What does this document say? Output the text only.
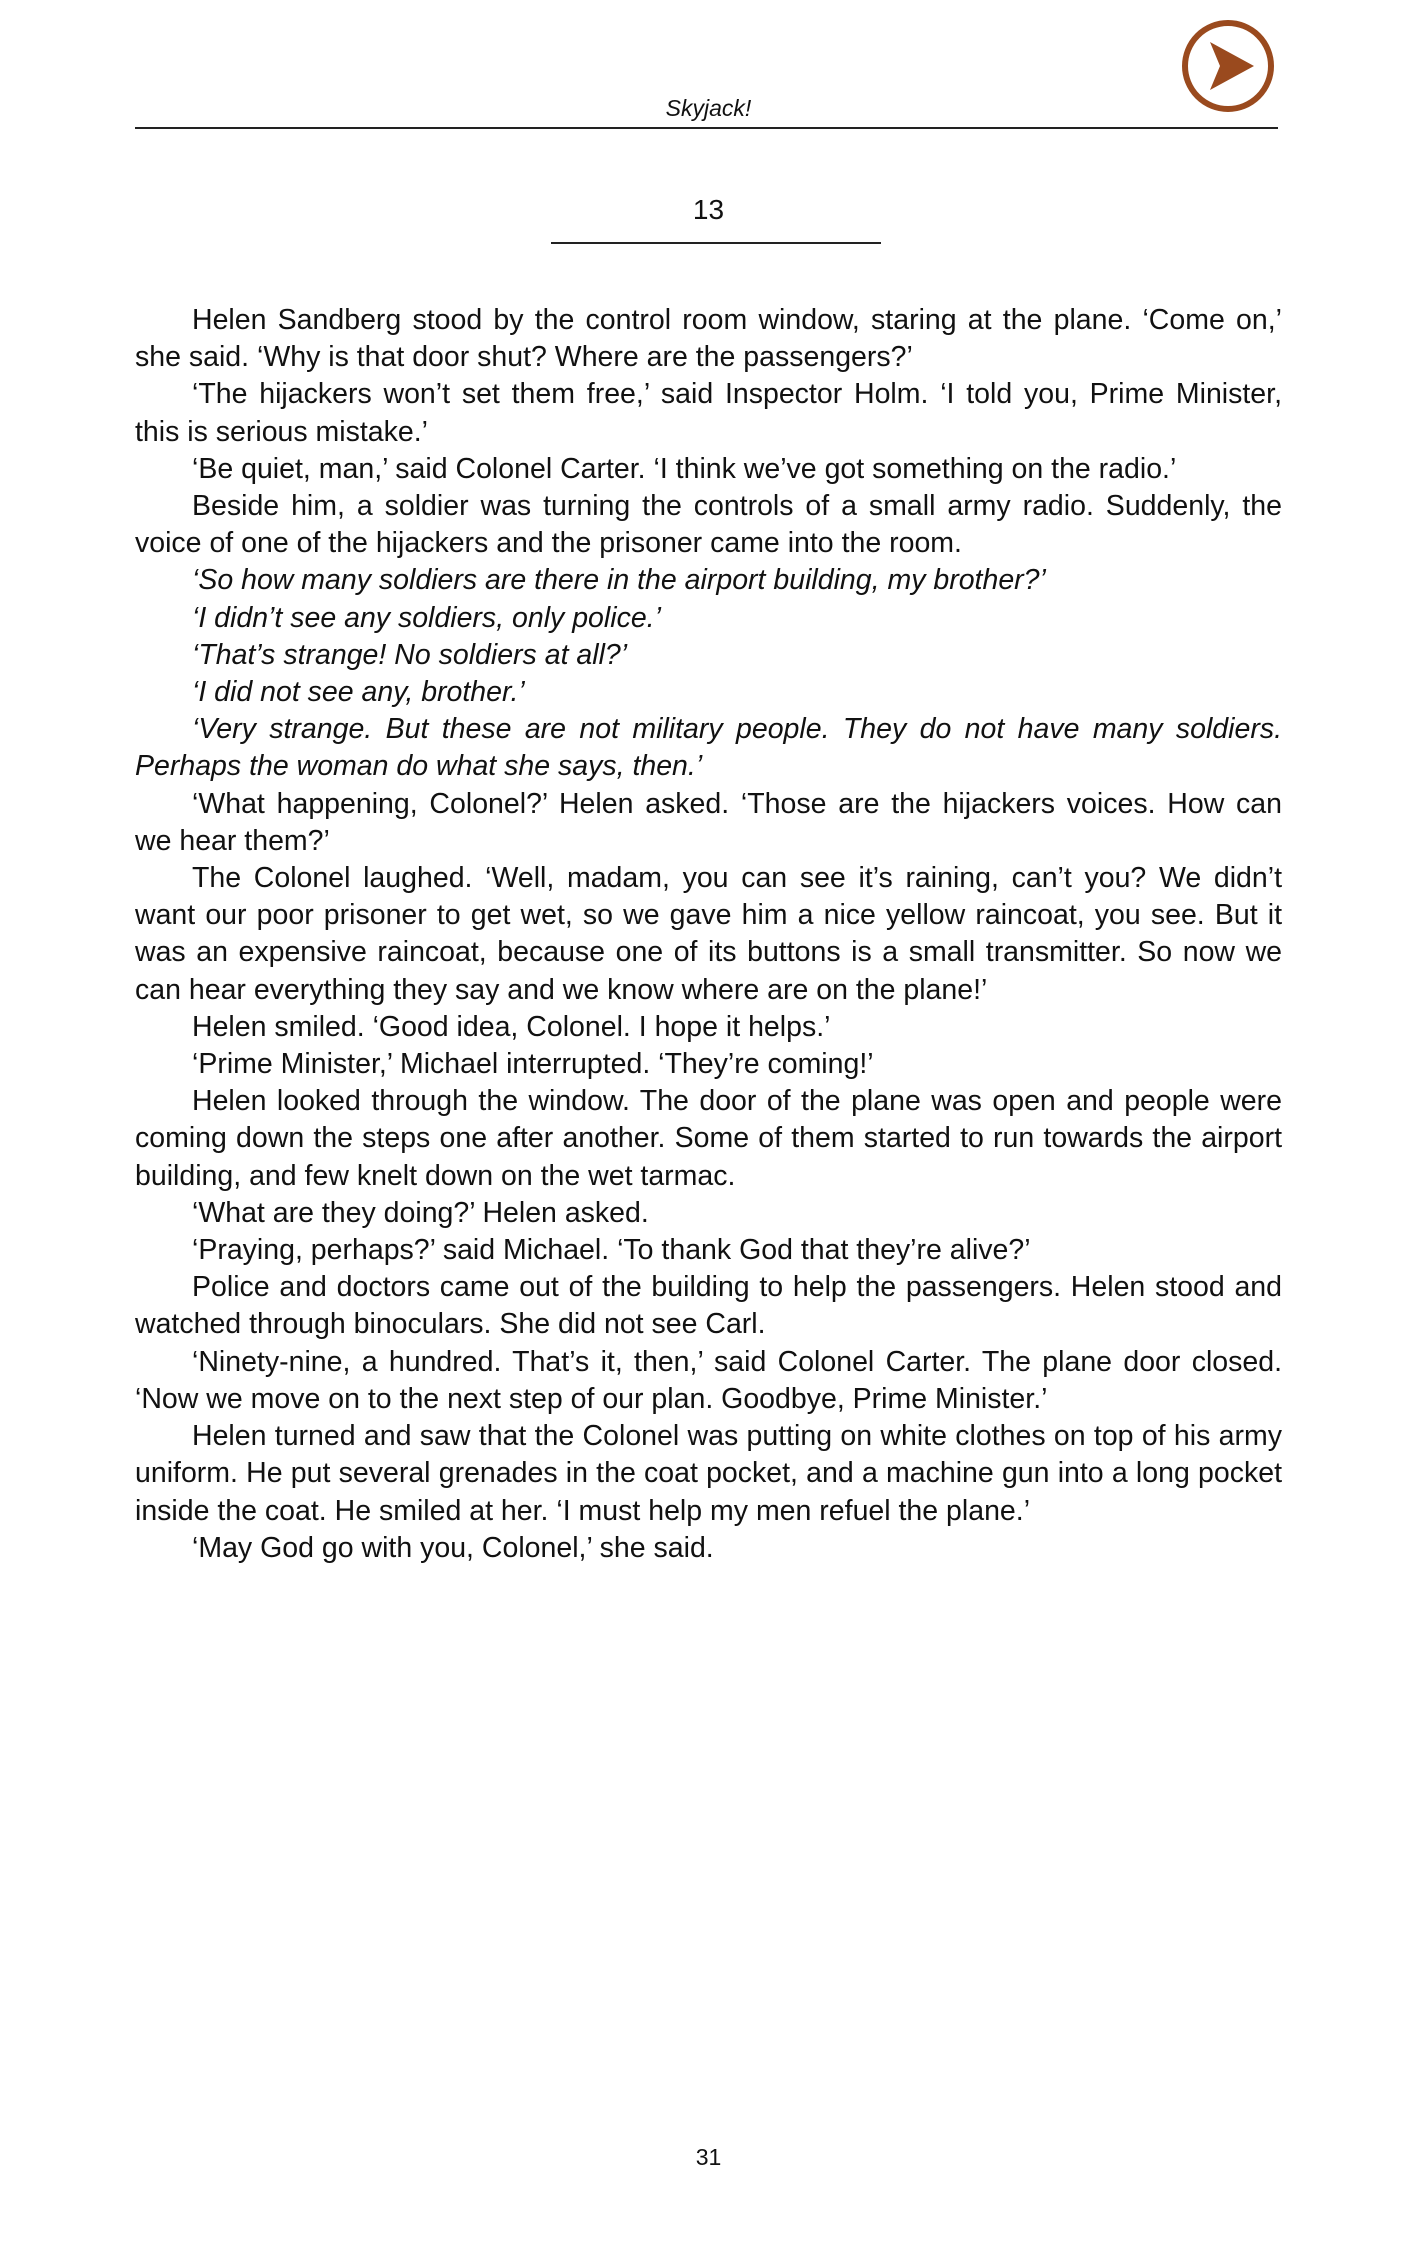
Skyjack!
13

Helen Sandberg stood by the control room window, staring at the plane. ‘Come on,’ she said. ‘Why is that door shut? Where are the passengers?’

‘The hijackers won’t set them free,’ said Inspector Holm. ‘I told you, Prime Minister, this is serious mistake.’

‘Be quiet, man,’ said Colonel Carter. ‘I think we’ve got something on the radio.’

Beside him, a soldier was turning the controls of a small army radio. Suddenly, the voice of one of the hijackers and the prisoner came into the room.

‘So how many soldiers are there in the airport building, my brother?’

‘I didn’t see any soldiers, only police.’

‘That’s strange! No soldiers at all?’

‘I did not see any, brother.’

‘Very strange. But these are not military people. They do not have many soldiers. Perhaps the woman do what she says, then.’

‘What happening, Colonel?’ Helen asked. ‘Those are the hijackers voices. How can we hear them?’

The Colonel laughed. ‘Well, madam, you can see it’s raining, can’t you? We didn’t want our poor prisoner to get wet, so we gave him a nice yellow raincoat, you see. But it was an expensive raincoat, because one of its buttons is a small transmitter. So now we can hear everything they say and we know where are on the plane!’

Helen smiled. ‘Good idea, Colonel. I hope it helps.’

‘Prime Minister,’ Michael interrupted. ‘They’re coming!’

Helen looked through the window. The door of the plane was open and people were coming down the steps one after another. Some of them started to run towards the airport building, and few knelt down on the wet tarmac.

‘What are they doing?’ Helen asked.

‘Praying, perhaps?’ said Michael. ‘To thank God that they’re alive?’

Police and doctors came out of the building to help the passengers. Helen stood and watched through binoculars. She did not see Carl.

‘Ninety-nine, a hundred. That’s it, then,’ said Colonel Carter. The plane door closed. ‘Now we move on to the next step of our plan. Goodbye, Prime Minister.’

Helen turned and saw that the Colonel was putting on white clothes on top of his army uniform. He put several grenades in the coat pocket, and a machine gun into a long pocket inside the coat. He smiled at her. ‘I must help my men refuel the plane.’

‘May God go with you, Colonel,’ she said.

31
